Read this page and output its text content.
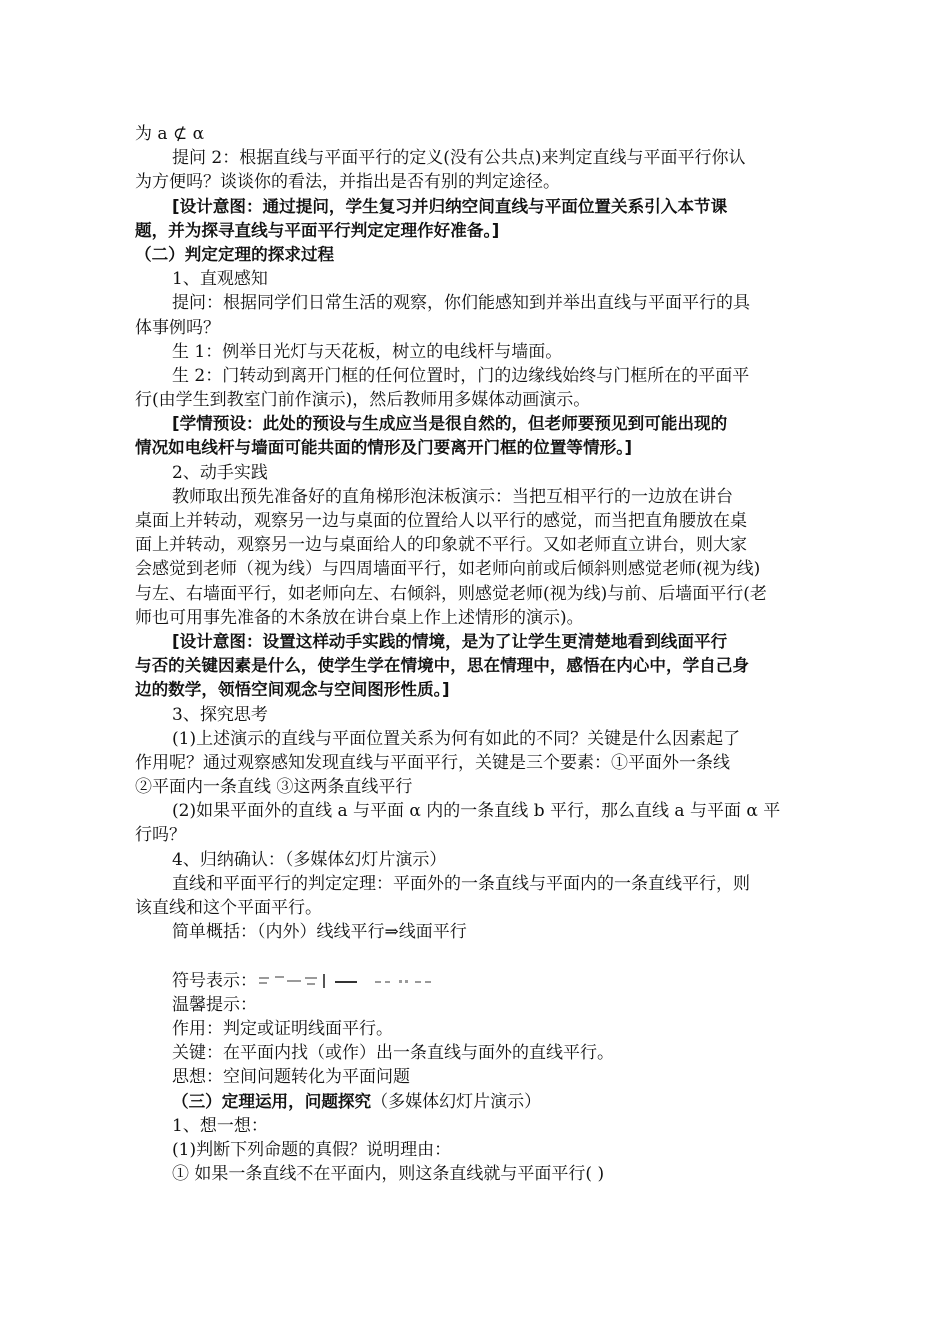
为 a ⊄ α
提问 2：根据直线与平面平行的定义(没有公共点)来判定直线与平面平行你认
为方便吗？谈谈你的看法，并指出是否有别的判定途径。
[设计意图：通过提问，学生复习并归纳空间直线与平面位置关系引入本节课
题，并为探寻直线与平面平行判定定理作好准备。]
（二）判定定理的探求过程
1、直观感知
提问：根据同学们日常生活的观察，你们能感知到并举出直线与平面平行的具
体事例吗？
生 1：例举日光灯与天花板，树立的电线杆与墙面。
生 2：门转动到离开门框的任何位置时，门的边缘线始终与门框所在的平面平
行(由学生到教室门前作演示)，然后教师用多媒体动画演示。
[学情预设：此处的预设与生成应当是很自然的，但老师要预见到可能出现的
情况如电线杆与墙面可能共面的情形及门要离开门框的位置等情形。]
2、动手实践
教师取出预先准备好的直角梯形泡沫板演示：当把互相平行的一边放在讲台
桌面上并转动，观察另一边与桌面的位置给人以平行的感觉，而当把直角腰放在桌
面上并转动，观察另一边与桌面给人的印象就不平行。又如老师直立讲台，则大家
会感觉到老师（视为线）与四周墙面平行，如老师向前或后倾斜则感觉老师(视为线)
与左、右墙面平行，如老师向左、右倾斜，则感觉老师(视为线)与前、后墙面平行(老
师也可用事先准备的木条放在讲台桌上作上述情形的演示)。
[设计意图：设置这样动手实践的情境，是为了让学生更清楚地看到线面平行
与否的关键因素是什么，使学生学在情境中，思在情理中，感悟在内心中，学自己身
边的数学，领悟空间观念与空间图形性质。]
3、探究思考
(1)上述演示的直线与平面位置关系为何有如此的不同？关键是什么因素起了
作用呢？通过观察感知发现直线与平面平行，关键是三个要素：①平面外一条线
②平面内一条直线 ③这两条直线平行
(2)如果平面外的直线 a 与平面 α 内的一条直线 b 平行，那么直线 a 与平面 α 平
行吗？
4、归纳确认：（多媒体幻灯片演示）
直线和平面平行的判定定理：平面外的一条直线与平面内的一条直线平行，则
该直线和这个平面平行。
简单概括：（内外）线线平行⇒线面平行
符号表示：
温馨提示：
作用：判定或证明线面平行。
关键：在平面内找（或作）出一条直线与面外的直线平行。
思想：空间问题转化为平面问题
（三）定理运用，问题探究（多媒体幻灯片演示）
1、想一想：
(1)判断下列命题的真假？说明理由：
① 如果一条直线不在平面内，则这条直线就与平面平行( )
